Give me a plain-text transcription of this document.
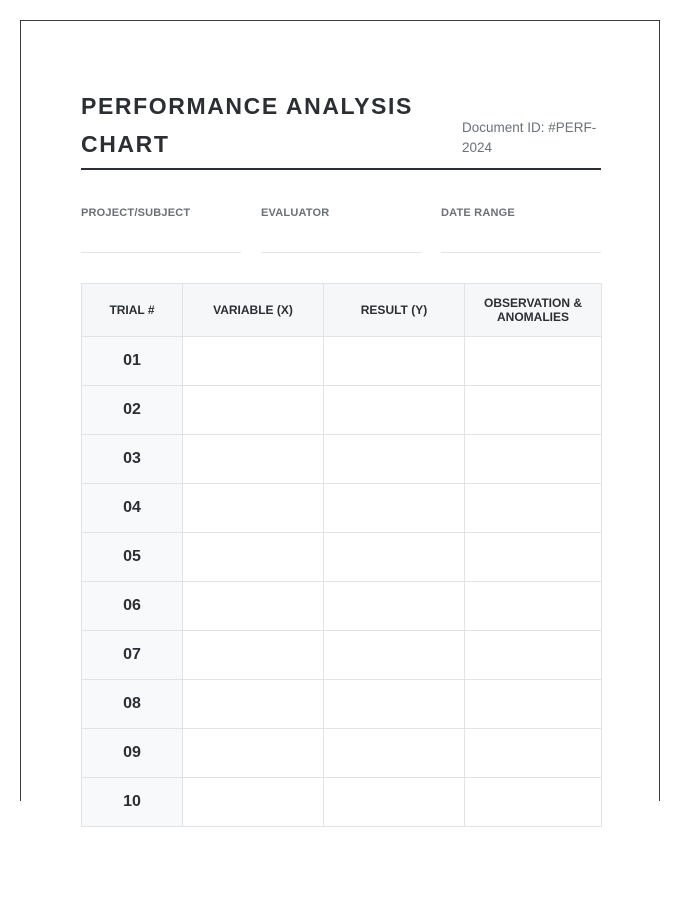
PERFORMANCE ANALYSIS CHART
Document ID: #PERF-2024
PROJECT/SUBJECT	EVALUATOR	DATE RANGE
TRIAL #	VARIABLE (X)	RESULT (Y)	OBSERVATION & ANOMALIES
01			
02			
03			
04			
05			
06			
07			
08			
09			
10			
